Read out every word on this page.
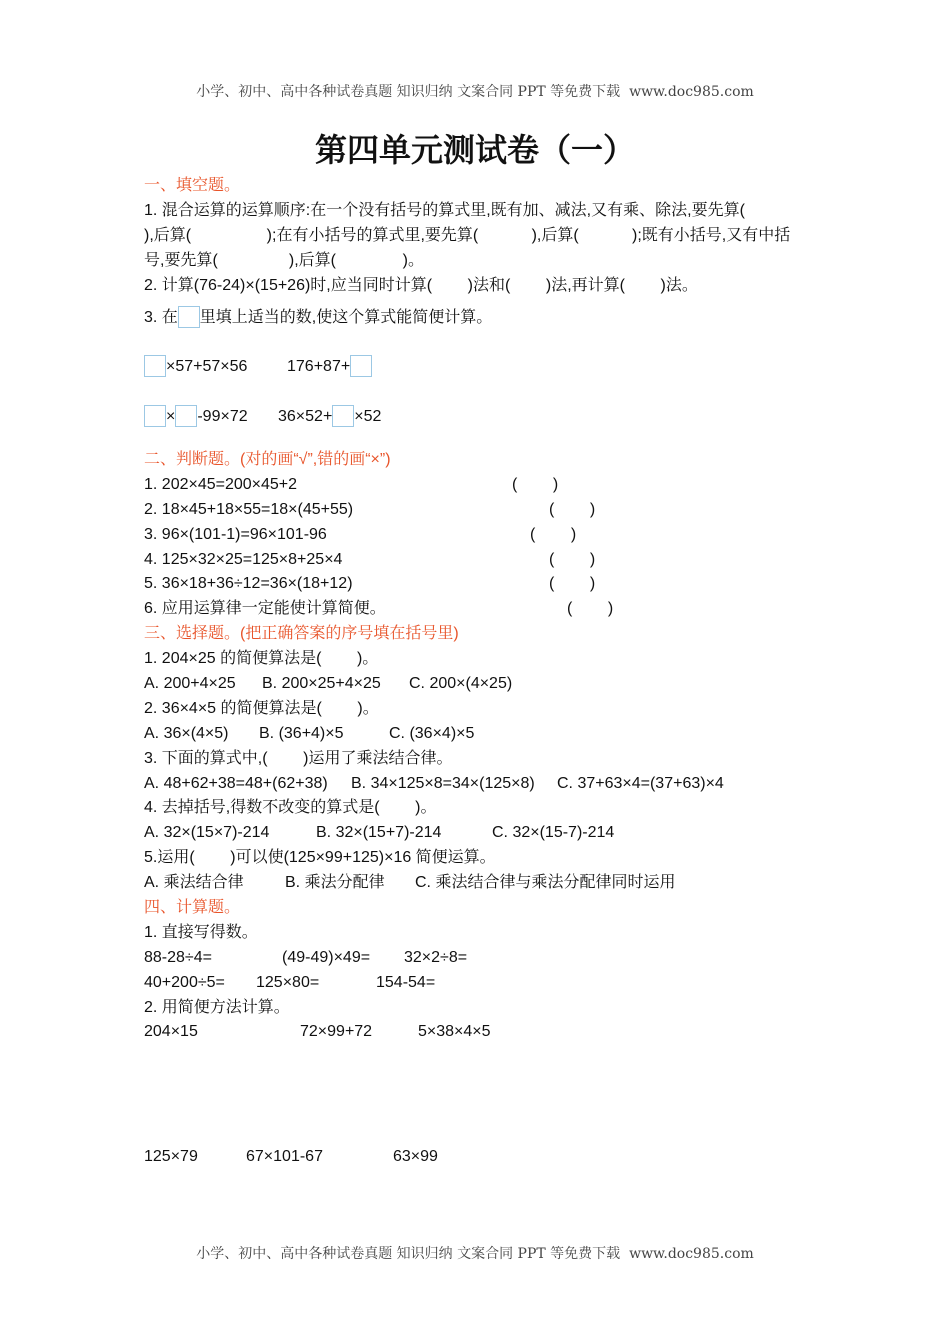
小学、初中、高中各种试卷真题 知识归纳 文案合同 PPT 等免费下载  www.doc985.com
第四单元测试卷（一）
一、填空题。
1. 混合运算的运算顺序:在一个没有括号的算式里,既有加、减法,又有乘、除法,要先算(
),后算(                 );在有小括号的算式里,要先算(            ),后算(            );既有小括号,又有中括
号,要先算(                ),后算(               )。
2. 计算(76-24)×(15+26)时,应当同时计算(        )法和(        )法,再计算(        )法。
3. 在 里填上适当的数,使这个算式能简便计算。
×57+57×56 176+87+
× -99×72 36×52+ ×52
二、判断题。(对的画“√”,错的画“×”)
1. 202×45=200×45+2	(        )
2. 18×45+18×55=18×(45+55)	(        )
3. 96×(101-1)=96×101-96	(        )
4. 125×32×25=125×8+25×4	(        )
5. 36×18+36÷12=36×(18+12)	(        )
6. 应用运算律一定能使计算简便。	(        )
三、选择题。(把正确答案的序号填在括号里)
1. 204×25 的简便算法是(        )。
A. 200+4×25 B. 200×25+4×25 C. 200×(4×25)
2. 36×4×5 的简便算法是(        )。
A. 36×(4×5) B. (36+4)×5	C. (36×4)×5
3. 下面的算式中,(        )运用了乘法结合律。
A. 48+62+38=48+(62+38) B. 34×125×8=34×(125×8) C. 37+63×4=(37+63)×4
4. 去掉括号,得数不改变的算式是(        )。
A. 32×(15×7)-214	B. 32×(15+7)-214	C. 32×(15-7)-214
5.运用(        )可以使(125×99+125)×16 简便运算。
A. 乘法结合律	B. 乘法分配律 C. 乘法结合律与乘法分配律同时运用
四、计算题。
1. 直接写得数。
88-28÷4=	(49-49)×49= 32×2÷8=
40+200÷5= 125×80=	154-54=
2. 用简便方法计算。
204×15	72×99+72	5×38×4×5
125×79	67×101-67	63×99
小学、初中、高中各种试卷真题 知识归纳 文案合同 PPT 等免费下载  www.doc985.com
